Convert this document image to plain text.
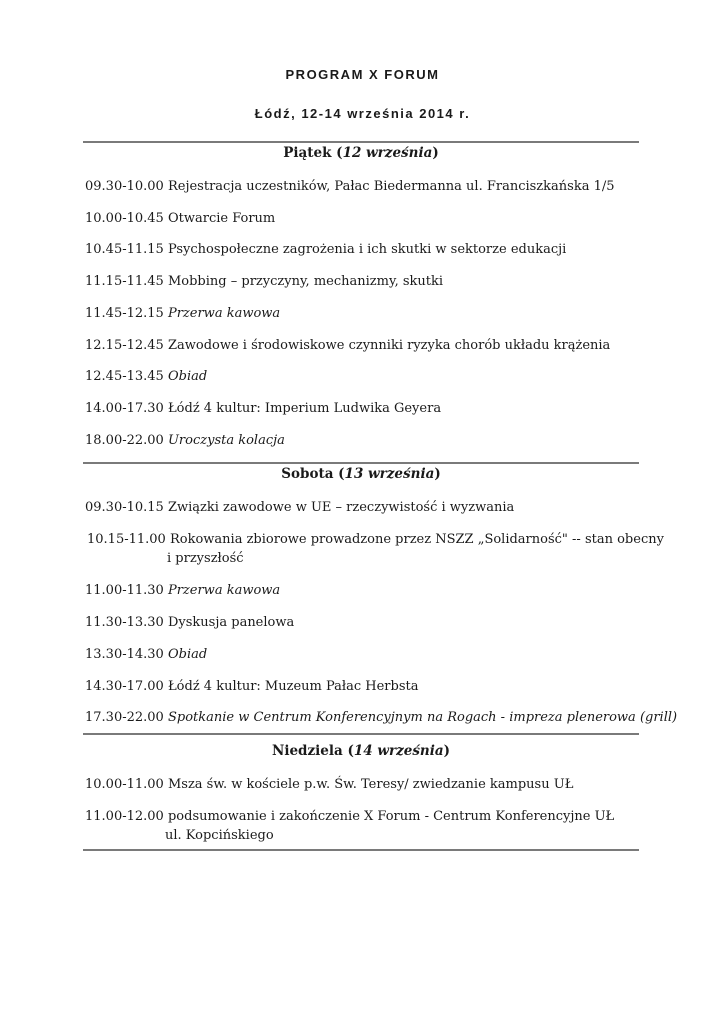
PROGRAM X FORUM
Łódź, 12-14 września 2014 r.
Piątek (12 września)
09.30-10.00 Rejestracja uczestników, Pałac Biedermanna ul. Franciszkańska 1/5
10.00-10.45 Otwarcie Forum
10.45-11.15 Psychospołeczne zagrożenia i ich skutki w sektorze edukacji
11.15-11.45 Mobbing – przyczyny, mechanizmy, skutki
11.45-12.15 Przerwa kawowa
12.15-12.45 Zawodowe i środowiskowe czynniki ryzyka chorób układu krążenia
12.45-13.45 Obiad
14.00-17.30 Łódź 4 kultur: Imperium Ludwika Geyera
18.00-22.00 Uroczysta kolacja
Sobota (13 września)
09.30-10.15 Związki zawodowe w UE – rzeczywistość i wyzwania
10.15-11.00 Rokowania zbiorowe prowadzone przez NSZZ „Solidarność" -- stan obecny
i przyszłość
11.00-11.30 Przerwa kawowa
11.30-13.30 Dyskusja panelowa
13.30-14.30 Obiad
14.30-17.00 Łódź 4 kultur: Muzeum Pałac Herbsta
17.30-22.00 Spotkanie w Centrum Konferencyjnym na Rogach - impreza plenerowa (grill)
Niedziela (14 września)
10.00-11.00 Msza św. w kościele p.w. Św. Teresy/ zwiedzanie kampusu UŁ
11.00-12.00 podsumowanie i zakończenie X Forum - Centrum Konferencyjne UŁ
ul. Kopcińskiego
